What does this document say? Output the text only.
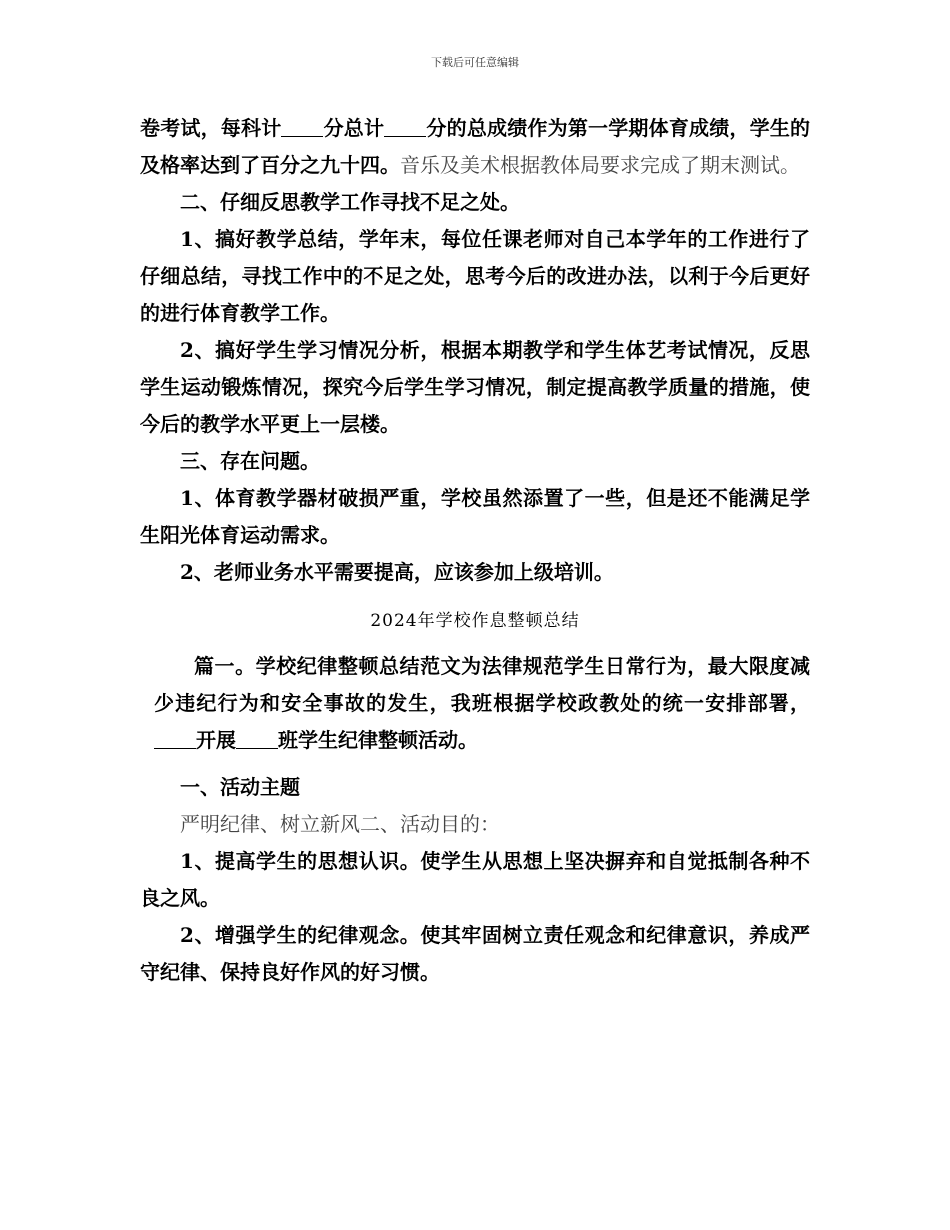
下载后可任意编辑

卷考试，每科计 分总计 分的总成绩作为第一学期体育成绩，学生的及格率达到了百分之九十四。音乐及美术根据教体局要求完成了期末测试。

二、仔细反思教学工作寻找不足之处。

1、搞好教学总结，学年末，每位任课老师对自己本学年的工作进行了仔细总结，寻找工作中的不足之处，思考今后的改进办法，以利于今后更好的进行体育教学工作。

2、搞好学生学习情况分析，根据本期教学和学生体艺考试情况，反思学生运动锻炼情况，探究今后学生学习情况，制定提高教学质量的措施，使今后的教学水平更上一层楼。

三、存在问题。

1、体育教学器材破损严重，学校虽然添置了一些，但是还不能满足学生阳光体育运动需求。

2、老师业务水平需要提高，应该参加上级培训。

2024年学校作息整顿总结

篇一。学校纪律整顿总结范文为法律规范学生日常行为，最大限度减少违纪行为和安全事故的发生，我班根据学校政教处的统一安排部署，开展 班学生纪律整顿活动。

一、活动主题

严明纪律、树立新风二、活动目的：

1、提高学生的思想认识。使学生从思想上坚决摒弃和自觉抵制各种不良之风。

2、增强学生的纪律观念。使其牢固树立责任观念和纪律意识，养成严守纪律、保持良好作风的好习惯。
